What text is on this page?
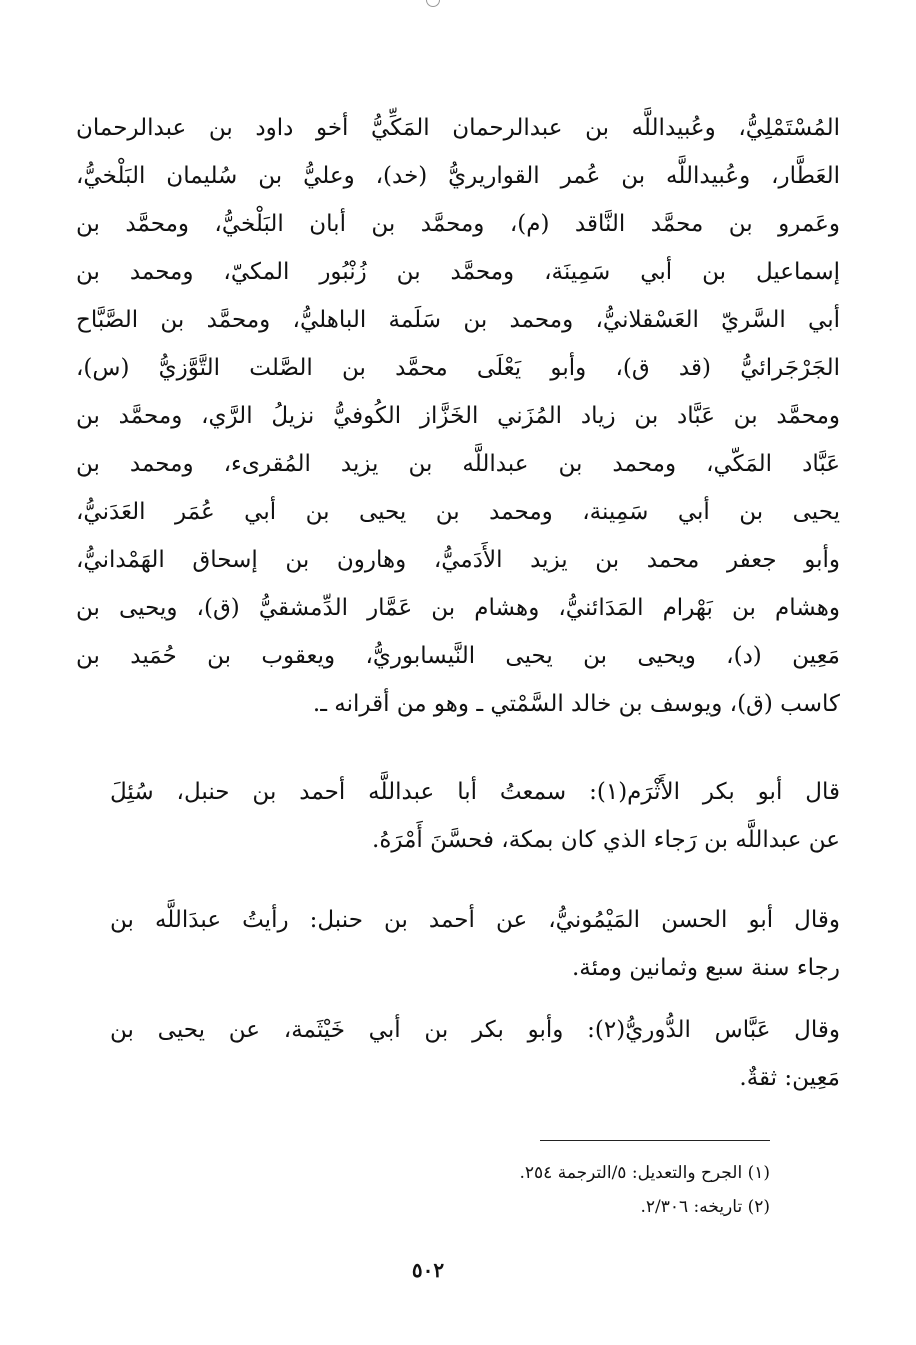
المُسْتَمْلِيُّ، وعُبيداللَّه بن عبدالرحمان المَكِّيُّ أخو داود بن عبدالرحمان
العَطَّار، وعُبيداللَّه بن عُمر القواريريُّ (خد)، وعليُّ بن سُليمان البَلْخيُّ،
وعَمرو بن محمَّد النَّاقد (م)، ومحمَّد بن أبان البَلْخيُّ، ومحمَّد بن
إسماعيل بن أبي سَمِينَة، ومحمَّد بن زُنْبُور المكيّ، ومحمد بن
أبي السَّريّ العَسْقلانيُّ، ومحمد بن سَلَمة الباهليُّ، ومحمَّد بن الصَّبَّاح
الجَرْجَرائيُّ (قد ق)، وأبو يَعْلَى محمَّد بن الصَّلت التَّوَّزيُّ (س)،
ومحمَّد بن عَبَّاد بن زياد المُزَني الخَزَّاز الكُوفيُّ نزيلُ الرَّي، ومحمَّد بن
عَبَّاد المَكّي، ومحمد بن عبداللَّه بن يزيد المُقرىء، ومحمد بن
يحيى بن أبي سَمِينة، ومحمد بن يحيى بن أبي عُمَر العَدَنيُّ،
وأبو جعفر محمد بن يزيد الأَدَميُّ، وهارون بن إسحاق الهَمْدانيُّ،
وهشام بن بَهْرام المَدَائنيُّ، وهشام بن عَمَّار الدِّمشقيُّ (ق)، ويحيى بن
مَعِين (د)، ويحيى بن يحيى النَّيسابوريُّ، ويعقوب بن حُمَيد بن
كاسب (ق)، ويوسف بن خالد السَّمْتي ـ وهو من أقرانه ـ.
قال أبو بكر الأَثْرَم(١): سمعتُ أبا عبداللَّه أحمد بن حنبل، سُئِلَ
عن عبداللَّه بن رَجاء الذي كان بمكة، فحسَّنَ أَمْرَهُ.
وقال أبو الحسن المَيْمُونيُّ، عن أحمد بن حنبل: رأيتُ عبدَاللَّه بن
رجاء سنة سبع وثمانين ومئة.
وقال عَبَّاس الدُّوريُّ(٢): وأبو بكر بن أبي خَيْثَمة، عن يحيى بن
مَعِين: ثقةٌ.
(١) الجرح والتعديل: ٥/الترجمة ٢٥٤.
(٢) تاريخه: ٢/٣٠٦.
٥٠٢
